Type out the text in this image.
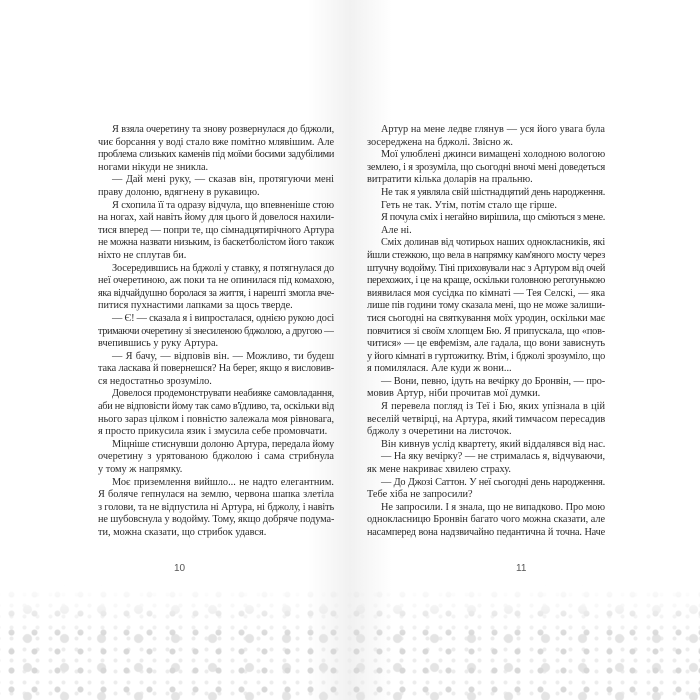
Я взяла очеретину та знову розвернулася до бджоли,
чиє борсання у воді стало вже помітно млявішим. Але
проблема слизьких каменів під моїми босими задубілими
ногами нікуди не зникла.
— Дай мені руку, — сказав він, протягуючи мені
праву долоню, вдягнену в рукавицю.
Я схопила її та одразу відчула, що впевненіше стою
на ногах, хай навіть йому для цього й довелося нахили-
тися вперед — попри те, що сімнадцятирічного Артура
не можна назвати низьким, із баскетболістом його також
ніхто не сплутав би.
Зосередившись на бджолі у ставку, я потягнулася до
неї очеретиною, аж поки та не опинилася під комахою,
яка відчайдушно боролася за життя, і нарешті змогла вче-
питися пухнастими лапками за щось тверде.
— Є! — сказала я і випросталася, однією рукою досі
тримаючи очеретину зі знесиленою бджолою, а другою —
вчепившись у руку Артура.
— Я бачу, — відповів він. — Можливо, ти будеш
така ласкава й повернешся? На берег, якщо я висловив-
ся недостатньо зрозуміло.
Довелося продемонструвати неабияке самовладання,
аби не відповісти йому так само в'їдливо, та, оскільки від
нього зараз цілком і повністю залежала моя рівновага,
я просто прикусила язик і змусила себе промовчати.
Міцніше стиснувши долоню Артура, передала йому
очеретину з урятованою бджолою і сама стрибнула
у тому ж напрямку.
Моє приземлення вийшло... не надто елегантним.
Я боляче гепнулася на землю, червона шапка злетіла
з голови, та не відпустила ні Артура, ні бджолу, і навіть
не шубовснула у водойму. Тому, якщо добряче подума-
ти, можна сказати, що стрибок удався.
10
Артур на мене ледве глянув — уся його увага була
зосереджена на бджолі. Звісно ж.
Мої улюблені джинси вимащені холодною вологою
землею, і я зрозуміла, що сьогодні вночі мені доведеться
витратити кілька доларів на пральню.
Не так я уявляла свій шістнадцятий день народження.
Геть не так. Утім, потім стало ще гірше.
Я почула сміх і негайно вирішила, що сміються з мене.
Але ні.
Сміх долинав від чотирьох наших однокласників, які
йшли стежкою, що вела в напрямку кам'яного мосту через
штучну водойму. Тіні приховували нас з Артуром від очей
перехожих, і це на краще, оскільки головною реготунькою
виявилася моя сусідка по кімнаті — Тея Селскі, — яка
лише пів години тому сказала мені, що не може залиши-
тися сьогодні на святкування моїх уродин, оскільки має
повчитися зі своїм хлопцем Бю. Я припускала, що «пов-
читися» — це евфемізм, але гадала, що вони зависнуть
у його кімнаті в гуртожитку. Втім, і бджолі зрозуміло, що
я помилялася. Але куди ж вони...
— Вони, певно, ідуть на вечірку до Бронвін, — про-
мовив Артур, ніби прочитав мої думки.
Я перевела погляд із Теї і Бю, яких упізнала в цій
веселій четвірці, на Артура, який тимчасом пересадив
бджолу з очеретини на листочок.
Він кивнув услід квартету, який віддалявся від нас.
— На яку вечірку? — не стрималась я, відчуваючи,
як мене накриває хвилею страху.
— До Джозі Саттон. У неї сьогодні день народження.
Тебе хіба не запросили?
Не запросили. І я знала, що не випадково. Про мою
однокласницю Бронвін багато чого можна сказати, але
насамперед вона надзвичайно педантична й точна. Наче
11
